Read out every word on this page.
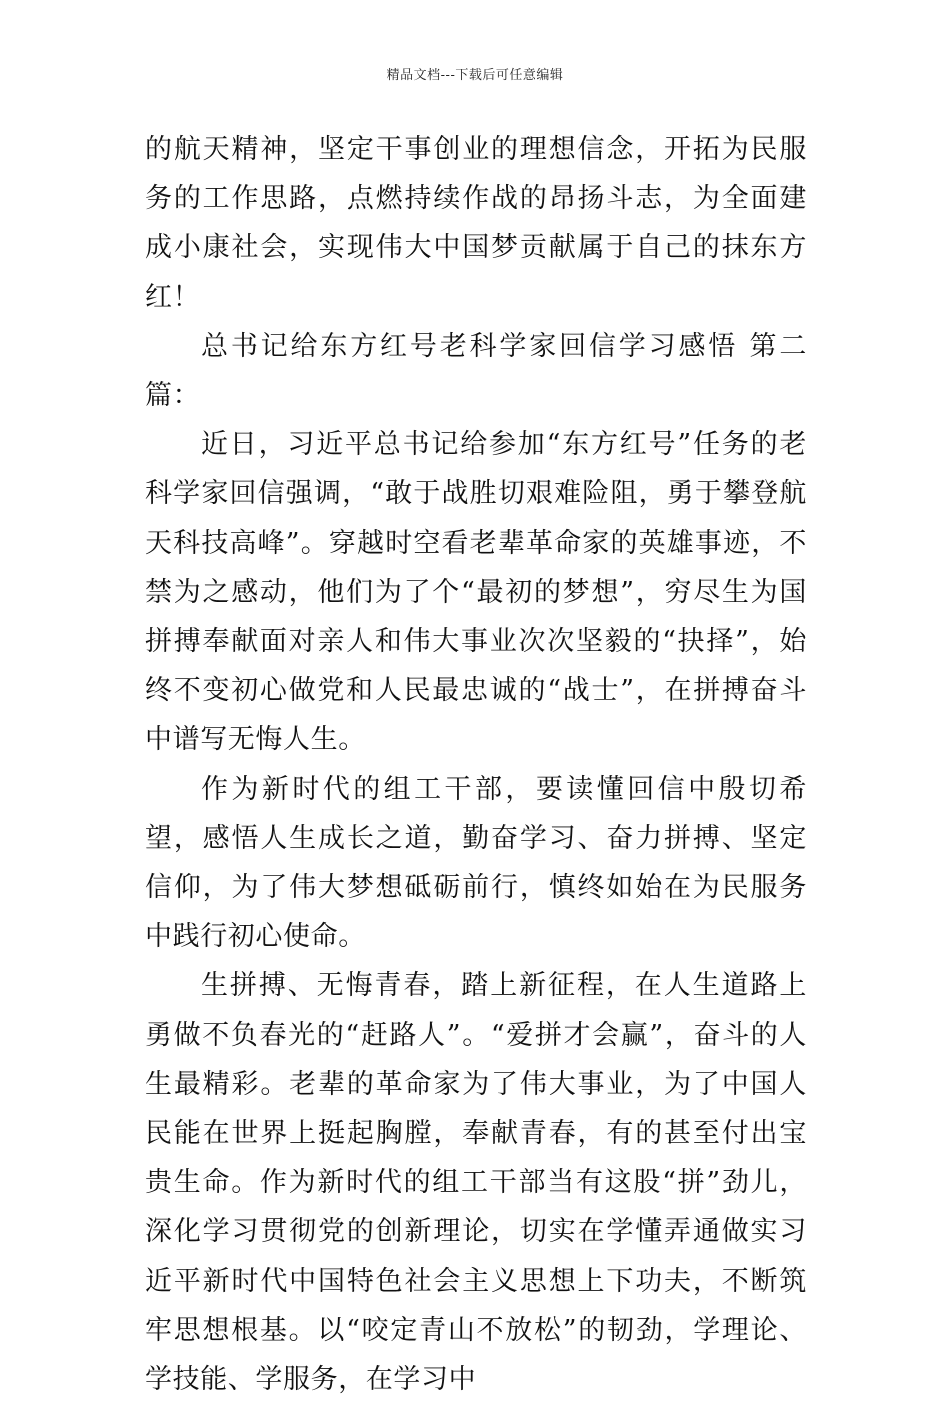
精品文档---下载后可任意编辑

的航天精神，坚定干事创业的理想信念，开拓为民服务的工作思路，点燃持续作战的昂扬斗志，为全面建成小康社会，实现伟大中国梦贡献属于自己的抹东方红！

总书记给东方红号老科学家回信学习感悟 第二篇：

近日，习近平总书记给参加“东方红号”任务的老科学家回信强调，“敢于战胜切艰难险阻，勇于攀登航天科技高峰”。穿越时空看老辈革命家的英雄事迹，不禁为之感动，他们为了个“最初的梦想”，穷尽生为国拼搏奉献面对亲人和伟大事业次次坚毅的“抉择”，始终不变初心做党和人民最忠诚的“战士”，在拼搏奋斗中谱写无悔人生。

作为新时代的组工干部，要读懂回信中殷切希望，感悟人生成长之道，勤奋学习、奋力拼搏、坚定信仰，为了伟大梦想砥砺前行，慎终如始在为民服务中践行初心使命。

生拼搏、无悔青春，踏上新征程，在人生道路上勇做不负春光的“赶路人”。“爱拼才会赢”，奋斗的人生最精彩。老辈的革命家为了伟大事业，为了中国人民能在世界上挺起胸膛，奉献青春，有的甚至付出宝贵生命。作为新时代的组工干部当有这股“拼”劲儿，深化学习贯彻党的创新理论，切实在学懂弄通做实习近平新时代中国特色社会主义思想上下功夫，不断筑牢思想根基。以“咬定青山不放松”的韧劲，学理论、学技能、学服务，在学习中
